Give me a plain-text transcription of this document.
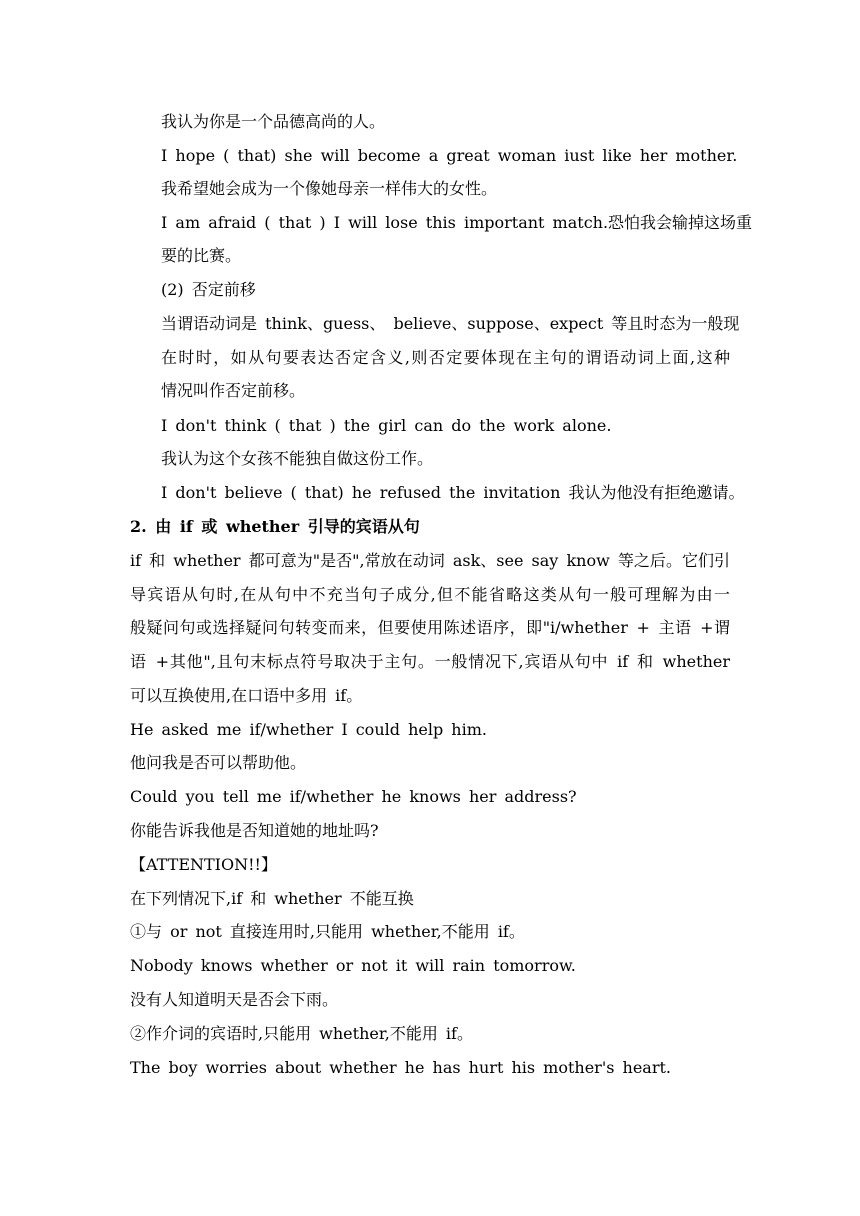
我认为你是一个品德高尚的人。
I hope ( that) she will become a great woman iust like her mother.
我希望她会成为一个像她母亲一样伟大的女性。
I am afraid ( that ) I will lose this important match.恐怕我会输掉这场重
要的比赛。
(2) 否定前移
当谓语动词是 think、guess、 believe、suppose、expect 等且时态为一般现
在时时，如从句要表达否定含义,则否定要体现在主句的谓语动词上面,这种
情况叫作否定前移。
I don't think ( that ) the girl can do the work alone.
我认为这个女孩不能独自做这份工作。
I don't believe ( that) he refused the invitation 我认为他没有拒绝邀请。
2. 由 if 或 whether 引导的宾语从句
if 和 whether 都可意为"是否",常放在动词 ask、see say know 等之后。它们引
导宾语从句时,在从句中不充当句子成分,但不能省略这类从句一般可理解为由一
般疑问句或选择疑问句转变而来，但要使用陈述语序，即"i/whether + 主语 +谓
语 +其他",且句末标点符号取决于主句。一般情况下,宾语从句中 if 和 whether
可以互换使用,在口语中多用 if。
He asked me if/whether I could help him.
他问我是否可以帮助他。
Could you tell me if/whether he knows her address?
你能告诉我他是否知道她的地址吗?
【ATTENTION!!】
在下列情况下,if 和 whether 不能互换
①与 or not 直接连用时,只能用 whether,不能用 if。
Nobody knows whether or not it will rain tomorrow.
没有人知道明天是否会下雨。
②作介词的宾语时,只能用 whether,不能用 if。
The boy worries about whether he has hurt his mother's heart.
